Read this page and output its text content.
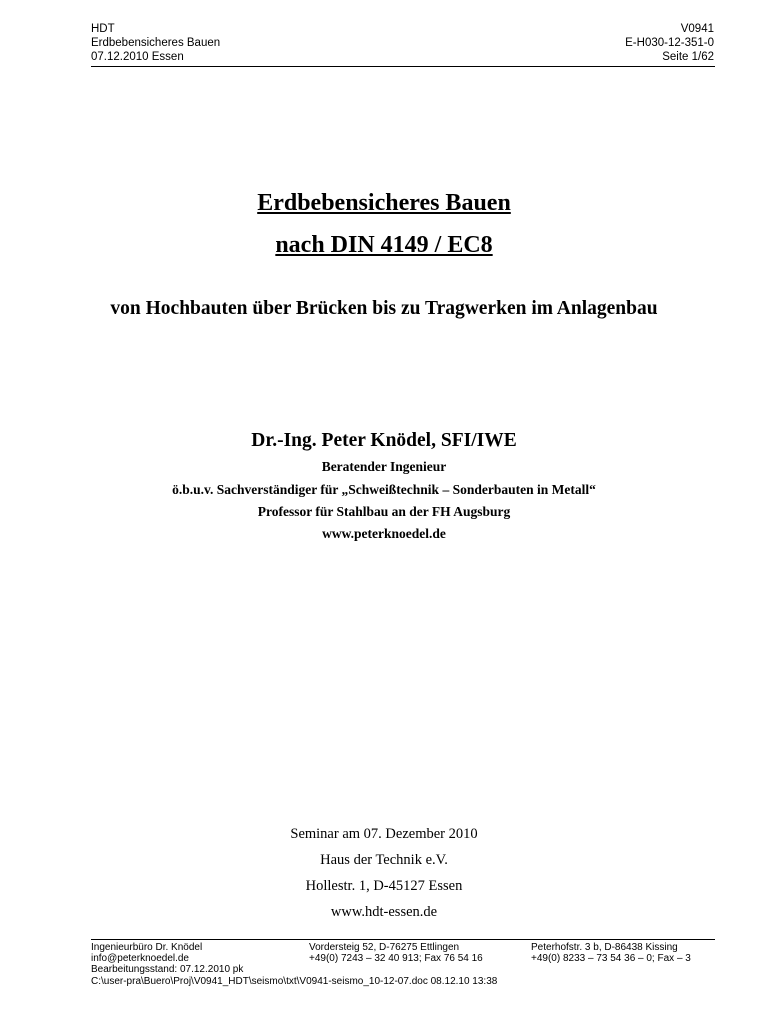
HDT	V0941
Erdbebensicheres Bauen	E-H030-12-351-0
07.12.2010 Essen	Seite 1/62
Erdbebensicheres Bauen
nach DIN 4149 / EC8
von Hochbauten über Brücken bis zu Tragwerken im Anlagenbau
Dr.-Ing. Peter Knödel, SFI/IWE
Beratender Ingenieur
ö.b.u.v. Sachverständiger für „Schweißtechnik – Sonderbauten in Metall“
Professor für Stahlbau an der FH Augsburg
www.peterknoedel.de
Seminar am 07. Dezember 2010
Haus der Technik e.V.
Hollestr. 1, D-45127 Essen
www.hdt-essen.de
Ingenieurbüro Dr. Knödel
info@peterknoedel.de
Vordersteig 52, D-76275 Ettlingen
+49(0) 7243 – 32 40 913; Fax 76 54 16
Peterhofstr. 3 b, D-86438 Kissing
+49(0) 8233 – 73 54 36 – 0; Fax – 3
Bearbeitungsstand: 07.12.2010 pk
C:\user-pra\Buero\Proj\V0941_HDT\seismo\txt\V0941-seismo_10-12-07.doc 08.12.10 13:38
